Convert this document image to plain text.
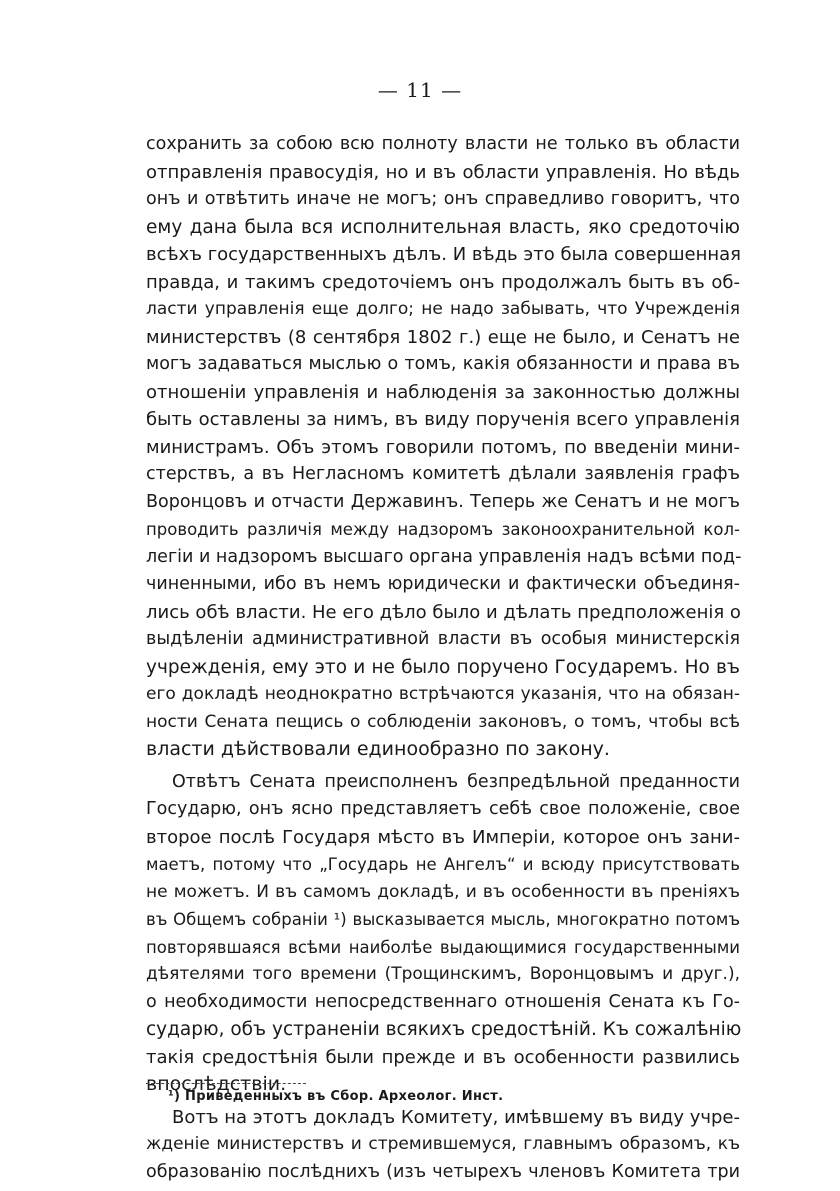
— 11 —
сохранить за собою всю полноту власти не только въ области
отправленія правосудія, но и въ области управленія. Но вѣдь
онъ и отвѣтить иначе не могъ; онъ справедливо говоритъ, что
ему дана была вся исполнительная власть, яко средоточію
всѣхъ государственныхъ дѣлъ. И вѣдь это была совершенная
правда, и такимъ средоточіемъ онъ продолжалъ быть въ об-
ласти управленія еще долго; не надо забывать, что Учрежденія
министерствъ (8 сентября 1802 г.) еще не было, и Сенатъ не
могъ задаваться мыслью о томъ, какія обязанности и права въ
отношеніи управленія и наблюденія за законностью должны
быть оставлены за нимъ, въ виду порученія всего управленія
министрамъ. Объ этомъ говорили потомъ, по введеніи мини-
стерствъ, а въ Негласномъ комитетѣ дѣлали заявленія графъ
Воронцовъ и отчасти Державинъ. Теперь же Сенатъ и не могъ
проводить различія между надзоромъ законоохранительной кол-
легіи и надзоромъ высшаго органа управленія надъ всѣми под-
чиненными, ибо въ немъ юридически и фактически объединя-
лись обѣ власти. Не его дѣло было и дѣлать предположенія о
выдѣленіи административной власти въ особыя министерскія
учрежденія, ему это и не было поручено Государемъ. Но въ
его докладѣ неоднократно встрѣчаются указанія, что на обязан-
ности Сената пещись о соблюденіи законовъ, о томъ, чтобы всѣ
власти дѣйствовали единообразно по закону.
Отвѣтъ Сената преисполненъ безпредѣльной преданности
Государю, онъ ясно представляетъ себѣ свое положеніе, свое
второе послѣ Государя мѣсто въ Имперіи, которое онъ зани-
маетъ, потому что „Государь не Ангелъ“ и всюду присутствовать
не можетъ. И въ самомъ докладѣ, и въ особенности въ преніяхъ
въ Общемъ собраніи ¹) высказывается мысль, многократно потомъ
повторявшаяся всѣми наиболѣе выдающимися государственными
дѣятелями того времени (Трощинскимъ, Воронцовымъ и друг.),
о необходимости непосредственнаго отношенія Сената къ Го-
сударю, объ устраненіи всякихъ средостѣній. Къ сожалѣнію
такія средостѣнія были прежде и въ особенности развились
впослѣдствіи.
Вотъ на этотъ докладъ Комитету, имѣвшему въ виду учре-
жденіе министерствъ и стремившемуся, главнымъ образомъ, къ
образованію послѣднихъ (изъ четырехъ членовъ Комитета три
¹) Приведенныхъ въ Сбор. Археолог. Инст.
